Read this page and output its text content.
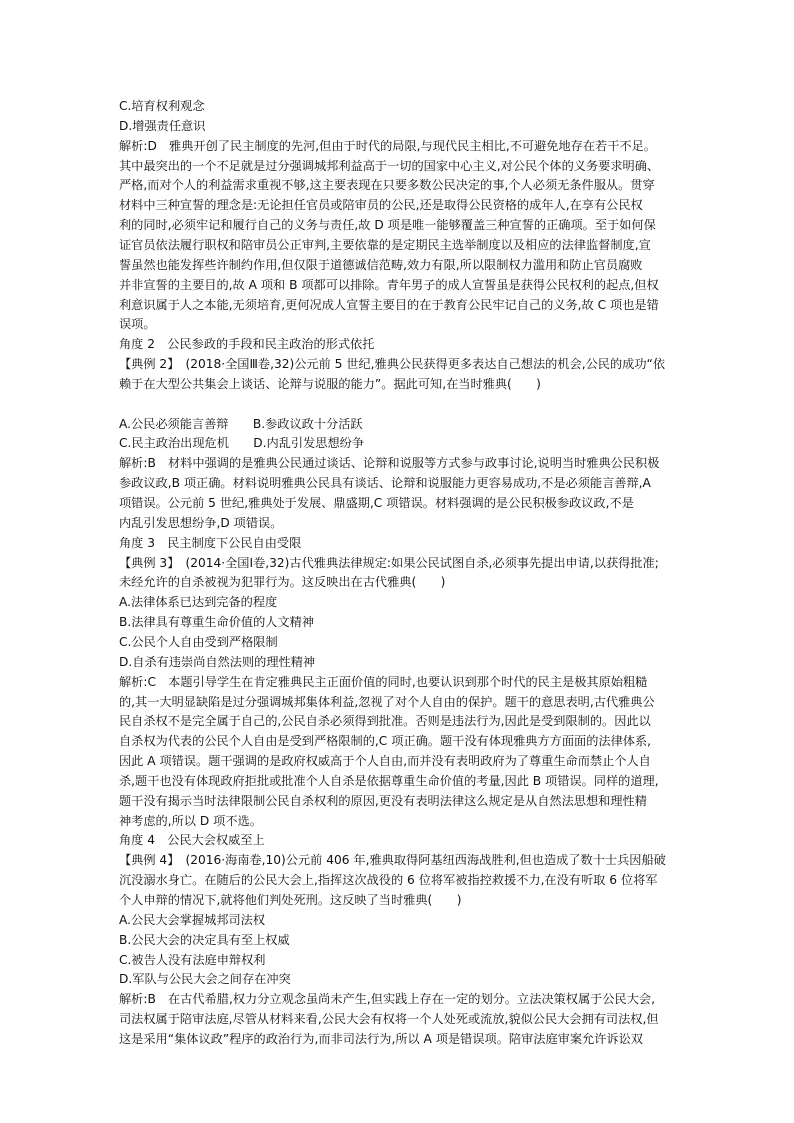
C.培育权利观念
D.增强责任意识
解析:D　雅典开创了民主制度的先河,但由于时代的局限,与现代民主相比,不可避免地存在若干不足。
其中最突出的一个不足就是过分强调城邦利益高于一切的国家中心主义,对公民个体的义务要求明确、
严格,而对个人的利益需求重视不够,这主要表现在只要多数公民决定的事,个人必须无条件服从。贯穿
材料中三种宣誓的理念是:无论担任官员或陪审员的公民,还是取得公民资格的成年人,在享有公民权
利的同时,必须牢记和履行自己的义务与责任,故 D 项是唯一能够覆盖三种宣誓的正确项。至于如何保
证官员依法履行职权和陪审员公正审判,主要依靠的是定期民主选举制度以及相应的法律监督制度,宣
誓虽然也能发挥些许制约作用,但仅限于道德诚信范畴,效力有限,所以限制权力滥用和防止官员腐败
并非宣誓的主要目的,故 A 项和 B 项都可以排除。青年男子的成人宣誓虽是获得公民权利的起点,但权
利意识属于人之本能,无须培育,更何况成人宣誓主要目的在于教育公民牢记自己的义务,故 C 项也是错
误项。
角度 2　公民参政的手段和民主政治的形式依托
【典例 2】　(2018·全国Ⅲ卷,32)公元前 5 世纪,雅典公民获得更多表达自己想法的机会,公民的成功“依
赖于在大型公共集会上谈话、论辩与说服的能力”。据此可知,在当时雅典(　　)
A.公民必须能言善辩　　B.参政议政十分活跃
C.民主政治出现危机　　D.内乱引发思想纷争
解析:B　材料中强调的是雅典公民通过谈话、论辩和说服等方式参与政事讨论,说明当时雅典公民积极
参政议政,B 项正确。材料说明雅典公民具有谈话、论辩和说服能力更容易成功,不是必须能言善辩,A
项错误。公元前 5 世纪,雅典处于发展、鼎盛期,C 项错误。材料强调的是公民积极参政议政,不是
内乱引发思想纷争,D 项错误。
角度 3　民主制度下公民自由受限
【典例 3】　(2014·全国Ⅰ卷,32)古代雅典法律规定:如果公民试图自杀,必须事先提出申请,以获得批准;
未经允许的自杀被视为犯罪行为。这反映出在古代雅典(　　)
A.法律体系已达到完备的程度
B.法律具有尊重生命价值的人文精神
C.公民个人自由受到严格限制
D.自杀有违崇尚自然法则的理性精神
解析:C　本题引导学生在肯定雅典民主正面价值的同时,也要认识到那个时代的民主是极其原始粗糙
的,其一大明显缺陷是过分强调城邦集体利益,忽视了对个人自由的保护。题干的意思表明,古代雅典公
民自杀权不是完全属于自己的,公民自杀必须得到批准。否则是违法行为,因此是受到限制的。因此以
自杀权为代表的公民个人自由是受到严格限制的,C 项正确。题干没有体现雅典方方面面的法律体系,
因此 A 项错误。题干强调的是政府权威高于个人自由,而并没有表明政府为了尊重生命而禁止个人自
杀,题干也没有体现政府拒批或批准个人自杀是依据尊重生命价值的考量,因此 B 项错误。同样的道理,
题干没有揭示当时法律限制公民自杀权利的原因,更没有表明法律这么规定是从自然法思想和理性精
神考虑的,所以 D 项不选。
角度 4　公民大会权威至上
【典例 4】　(2016·海南卷,10)公元前 406 年,雅典取得阿基纽西海战胜利,但也造成了数十士兵因船破
沉没溺水身亡。在随后的公民大会上,指挥这次战役的 6 位将军被指控救援不力,在没有听取 6 位将军
个人申辩的情况下,就将他们判处死刑。这反映了当时雅典(　　)
A.公民大会掌握城邦司法权
B.公民大会的决定具有至上权威
C.被告人没有法庭申辩权利
D.军队与公民大会之间存在冲突
解析:B　在古代希腊,权力分立观念虽尚未产生,但实践上存在一定的划分。立法决策权属于公民大会,
司法权属于陪审法庭,尽管从材料来看,公民大会有权将一个人处死或流放,貌似公民大会拥有司法权,但
这是采用“集体议政”程序的政治行为,而非司法行为,所以 A 项是错误项。陪审法庭审案允许诉讼双
